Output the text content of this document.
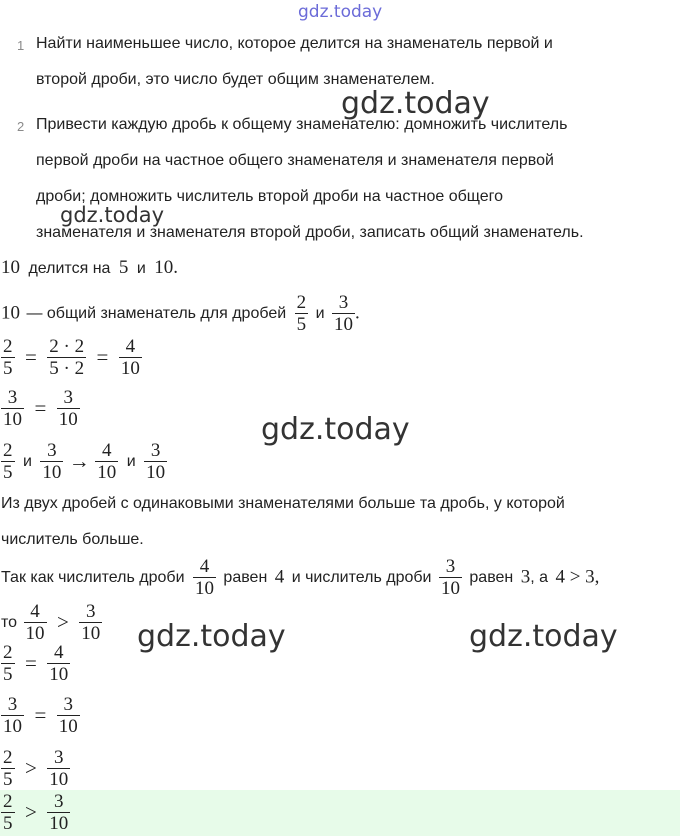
gdz.today
gdz.today
gdz.today
gdz.today
gdz.today	gdz.today
1 Найти наименьшее число, которое делится на знаменатель первой и
второй дроби, это число будет общим знаменателем.
2 Привести каждую дробь к общему знаменателю: домножить числитель
первой дроби на частное общего знаменателя и знаменателя первой
дроби; домножить числитель второй дроби на частное общего
знаменателя и знаменателя второй дроби, записать общий знаменатель.
10 делится на 5 и 10.
10 — общий знаменатель для дробей $\frac{2}{5}$ и $\frac{3}{10}$ .
$\frac{2}{5} = \frac{2 \cdot 2}{5 \cdot 2} = \frac{4}{10}$
$\frac{3}{10} = \frac{3}{10}$
$\frac{2}{5}$ и $\frac{3}{10} \to \frac{4}{10}$ и $\frac{3}{10}$
Из двух дробей с одинаковыми знаменателями больше та дробь, у которой
числитель больше.
Так как числитель дроби $\frac{4}{10}$ равен 4 и числитель дроби $\frac{3}{10}$ равен 3, а 4 > 3,
то $\frac{4}{10} > \frac{3}{10}$
$\frac{2}{5} = \frac{4}{10}$
$\frac{3}{10} = \frac{3}{10}$
$\frac{2}{5} > \frac{3}{10}$
$\frac{2}{5} > \frac{3}{10}$
